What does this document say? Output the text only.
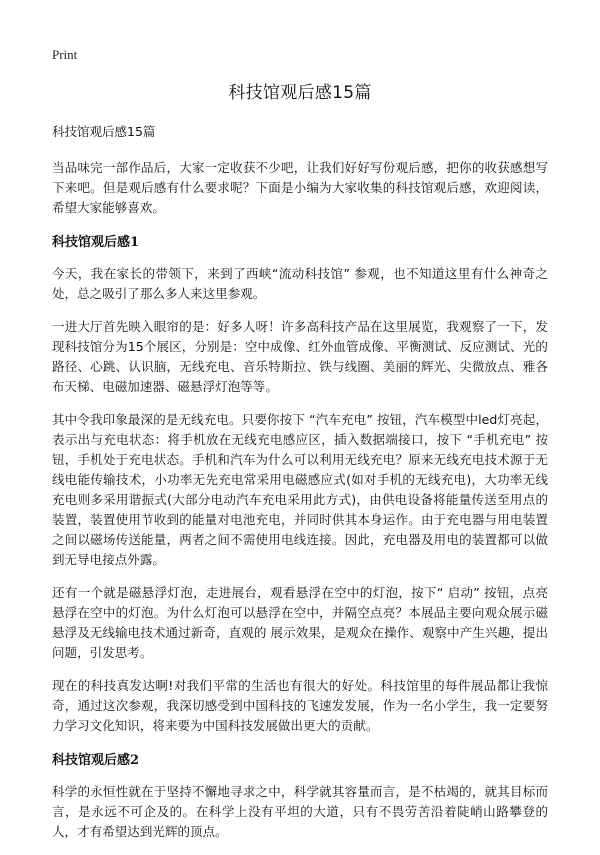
Print
科技馆观后感15篇
科技馆观后感15篇

当品味完一部作品后，大家一定收获不少吧，让我们好好写份观后感，把你的收获感想写下来吧。但是观后感有什么要求呢？下面是小编为大家收集的科技馆观后感，欢迎阅读，希望大家能够喜欢。

科技馆观后感1

今天，我在家长的带领下，来到了西峡“流动科技馆” 参观，也不知道这里有什么神奇之处，总之吸引了那么多人来这里参观。

一进大厅首先映入眼帘的是：好多人呀！许多高科技产品在这里展览，我观察了一下，发现科技馆分为15个展区，分别是：空中成像、红外血管成像、平衡测试、反应测试、光的路径、心跳、认识脑，无线充电、音乐特斯拉、铁与线圈、美丽的辉光、尖微放点、雅各布天梯、电磁加速器、磁悬浮灯泡等等。

其中令我印象最深的是无线充电。只要你按下 “汽车充电” 按钮，汽车模型中led灯亮起，表示出与充电状态：将手机放在无线充电感应区，插入数据端接口，按下 “手机充电” 按钮，手机处于充电状态。手机和汽车为什么可以利用无线充电？原来无线充电技术源于无线电能传输技术，小功率无先充电常采用电磁感应式(如对手机的无线充电)，大功率无线充电则多采用谐振式(大部分电动汽车充电采用此方式)，由供电设备将能量传送至用点的装置，装置使用节收到的能量对电池充电，并同时供其本身运作。由于充电器与用电装置之间以磁场传送能量，两者之间不需使用电线连接。因此，充电器及用电的装置都可以做到无导电接点外露。

还有一个就是磁悬浮灯泡，走进展台，观看悬浮在空中的灯泡，按下“ 启动” 按钮，点亮悬浮在空中的灯泡。为什么灯泡可以悬浮在空中，并隔空点亮？本展品主要向观众展示磁悬浮及无线输电技术通过新奇，直观的 展示效果，是观众在操作、观察中产生兴趣，提出问题，引发思考。

现在的科技真发达啊!对我们平常的生活也有很大的好处。科技馆里的每件展品都让我惊奇，通过这次参观，我深切感受到中国科技的飞速发发展，作为一名小学生，我一定要努力学习文化知识，将来要为中国科技发展做出更大的贡献。

科技馆观后感2

科学的永恒性就在于坚持不懈地寻求之中，科学就其容量而言，是不枯竭的，就其目标而言，是永远不可企及的。在科学上没有平坦的大道，只有不畏劳苦沿着陡峭山路攀登的人，才有希望达到光辉的顶点。
